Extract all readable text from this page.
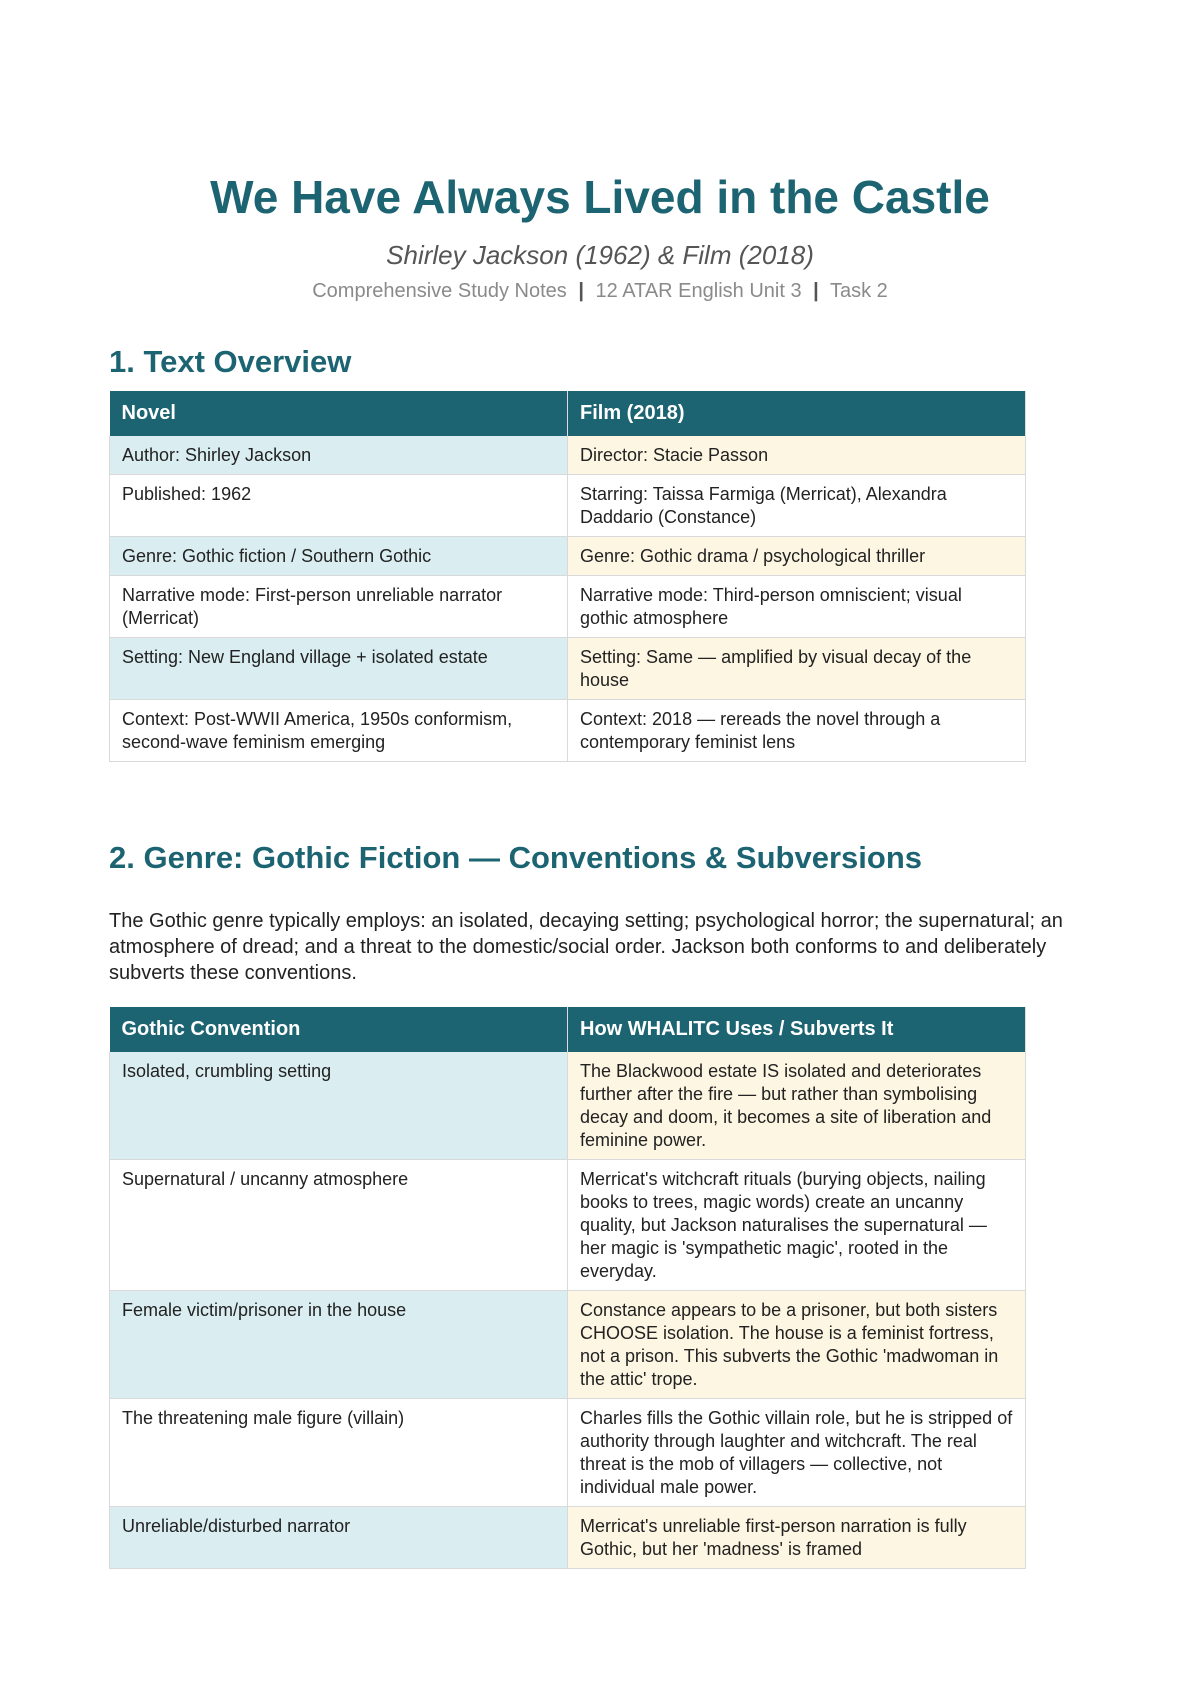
We Have Always Lived in the Castle
Shirley Jackson (1962) & Film (2018)
Comprehensive Study Notes | 12 ATAR English Unit 3 | Task 2
1. Text Overview
Novel	Film (2018)
Author: Shirley Jackson	Director: Stacie Passon
Published: 1962	Starring: Taissa Farmiga (Merricat), Alexandra Daddario (Constance)
Genre: Gothic fiction / Southern Gothic	Genre: Gothic drama / psychological thriller
Narrative mode: First-person unreliable narrator (Merricat)	Narrative mode: Third-person omniscient; visual gothic atmosphere
Setting: New England village + isolated estate	Setting: Same — amplified by visual decay of the house
Context: Post-WWII America, 1950s conformism, second-wave feminism emerging	Context: 2018 — rereads the novel through a contemporary feminist lens
2. Genre: Gothic Fiction — Conventions & Subversions

The Gothic genre typically employs: an isolated, decaying setting; psychological horror; the supernatural; an atmosphere of dread; and a threat to the domestic/social order. Jackson both conforms to and deliberately subverts these conventions.

Gothic Convention	How WHALITC Uses / Subverts It
Isolated, crumbling setting	The Blackwood estate IS isolated and deteriorates further after the fire — but rather than symbolising decay and doom, it becomes a site of liberation and feminine power.
Supernatural / uncanny atmosphere	Merricat's witchcraft rituals (burying objects, nailing books to trees, magic words) create an uncanny quality, but Jackson naturalises the supernatural — her magic is 'sympathetic magic', rooted in the everyday.
Female victim/prisoner in the house	Constance appears to be a prisoner, but both sisters CHOOSE isolation. The house is a feminist fortress, not a prison. This subverts the Gothic 'madwoman in the attic' trope.
The threatening male figure (villain)	Charles fills the Gothic villain role, but he is stripped of authority through laughter and witchcraft. The real threat is the mob of villagers — collective, not individual male power.
Unreliable/disturbed narrator	Merricat's unreliable first-person narration is fully Gothic, but her 'madness' is framed
